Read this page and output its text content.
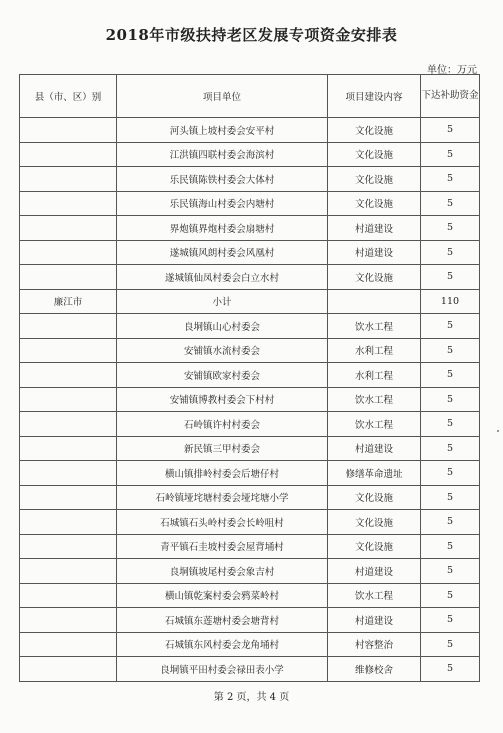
2018年市级扶持老区发展专项资金安排表
单位：万元
县（市、区）别	项目单位	项目建设内容	下达补助资金
	河头镇上坡村委会安平村	文化设施	5
	江洪镇四联村委会海滨村	文化设施	5
	乐民镇陈铁村委会大体村	文化设施	5
	乐民镇海山村委会内塘村	文化设施	5
	界炮镇界炮村委会扇塘村	村道建设	5
	遂城镇风朗村委会风凰村	村道建设	5
	遂城镇仙凤村委会白立水村	文化设施	5
廉江市	小计		110
	良垌镇山心村委会	饮水工程	5
	安铺镇水流村委会	水利工程	5
	安铺镇欧家村委会	水利工程	5
	安铺镇博教村委会下村村	饮水工程	5
	石岭镇许村村委会	饮水工程	5
	新民镇三甲村委会	村道建设	5
	横山镇排岭村委会后塘仔村	修缮革命遗址	5
	石岭镇垭垞塘村委会垭垞塘小学	文化设施	5
	石城镇石头岭村委会长岭咀村	文化设施	5
	青平镇石圭坡村委会屋背埇村	文化设施	5
	良垌镇坡尾村委会象吉村	村道建设	5
	横山镇乾案村委会鸦菜岭村	饮水工程	5
	石城镇东莲塘村委会塘背村	村道建设	5
	石城镇东风村委会龙角埇村	村容整治	5
	良垌镇平田村委会禄田表小学	维修校舍	5
第 2 页，共 4 页
